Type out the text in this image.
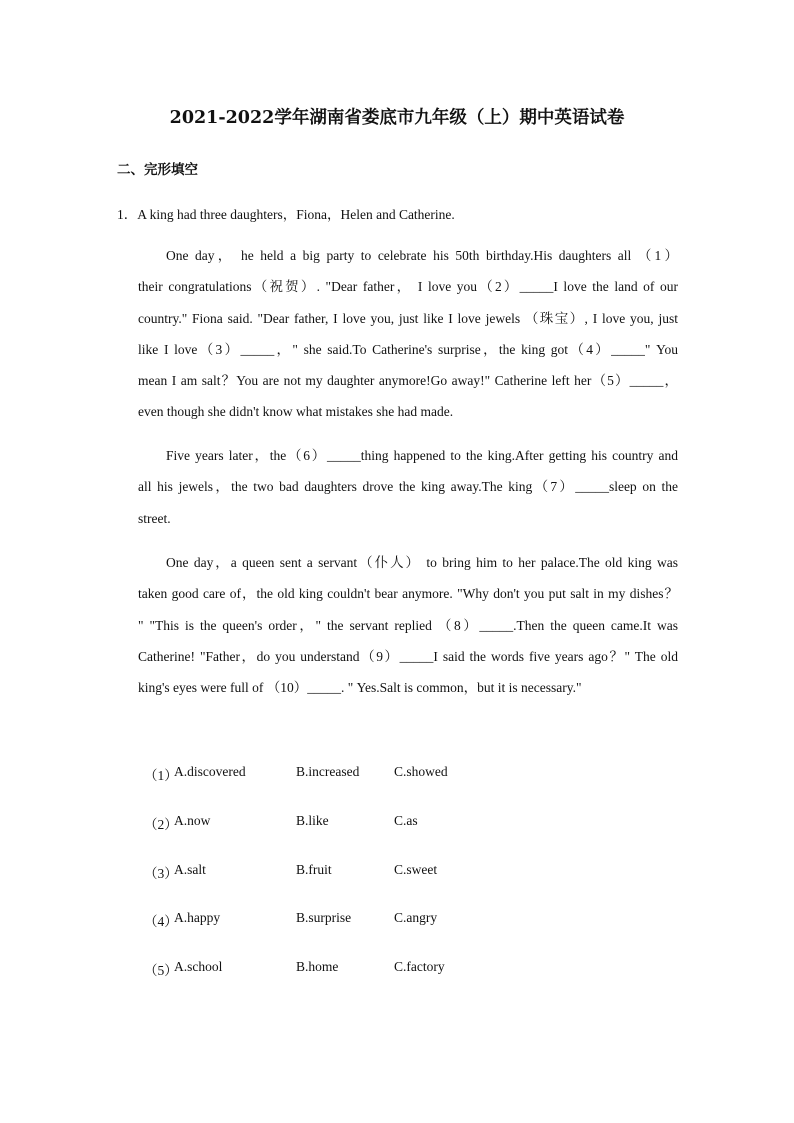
2021-2022学年湖南省娄底市九年级（上）期中英语试卷
二、完形填空
1．A king had three daughters，Fiona，Helen and Catherine.
One day， he held a big party to celebrate his 50th birthday.His daughters all （1）
their congratulations（祝贺）. "Dear father， I love you（2）_____I love the land of our
country." Fiona said. "Dear father, I love you, just like I love jewels （珠宝）, I love you, just
like I love（3）_____，" she said.To Catherine's surprise，the king got（4）_____" You
mean I am salt？You are not my daughter anymore!Go away!" Catherine left her（5）_____，
even though she didn't know what mistakes she had made.
Five years later，the（6）_____thing happened to the king.After getting his country and
all his jewels，the two bad daughters drove the king away.The king（7）_____sleep on the
street.
One day，a queen sent a servant（仆人） to bring him to her palace.The old king was
taken good care of，the old king couldn't bear anymore. "Why don't you put salt in my dishes？
" "This is the queen's order，" the servant replied （8）_____.Then the queen came.It was
Catherine! "Father，do you understand（9）_____I said the words five years ago？" The old
king's eyes were full of （10）_____. " Yes.Salt is common，but it is necessary."
（1）
A.discovered	B.increased	C.showed
（2）
A.now	B.like	C.as
（3）
A.salt	B.fruit	C.sweet
（4）
A.happy	B.surprise	C.angry
（5）
A.school	B.home	C.factory
